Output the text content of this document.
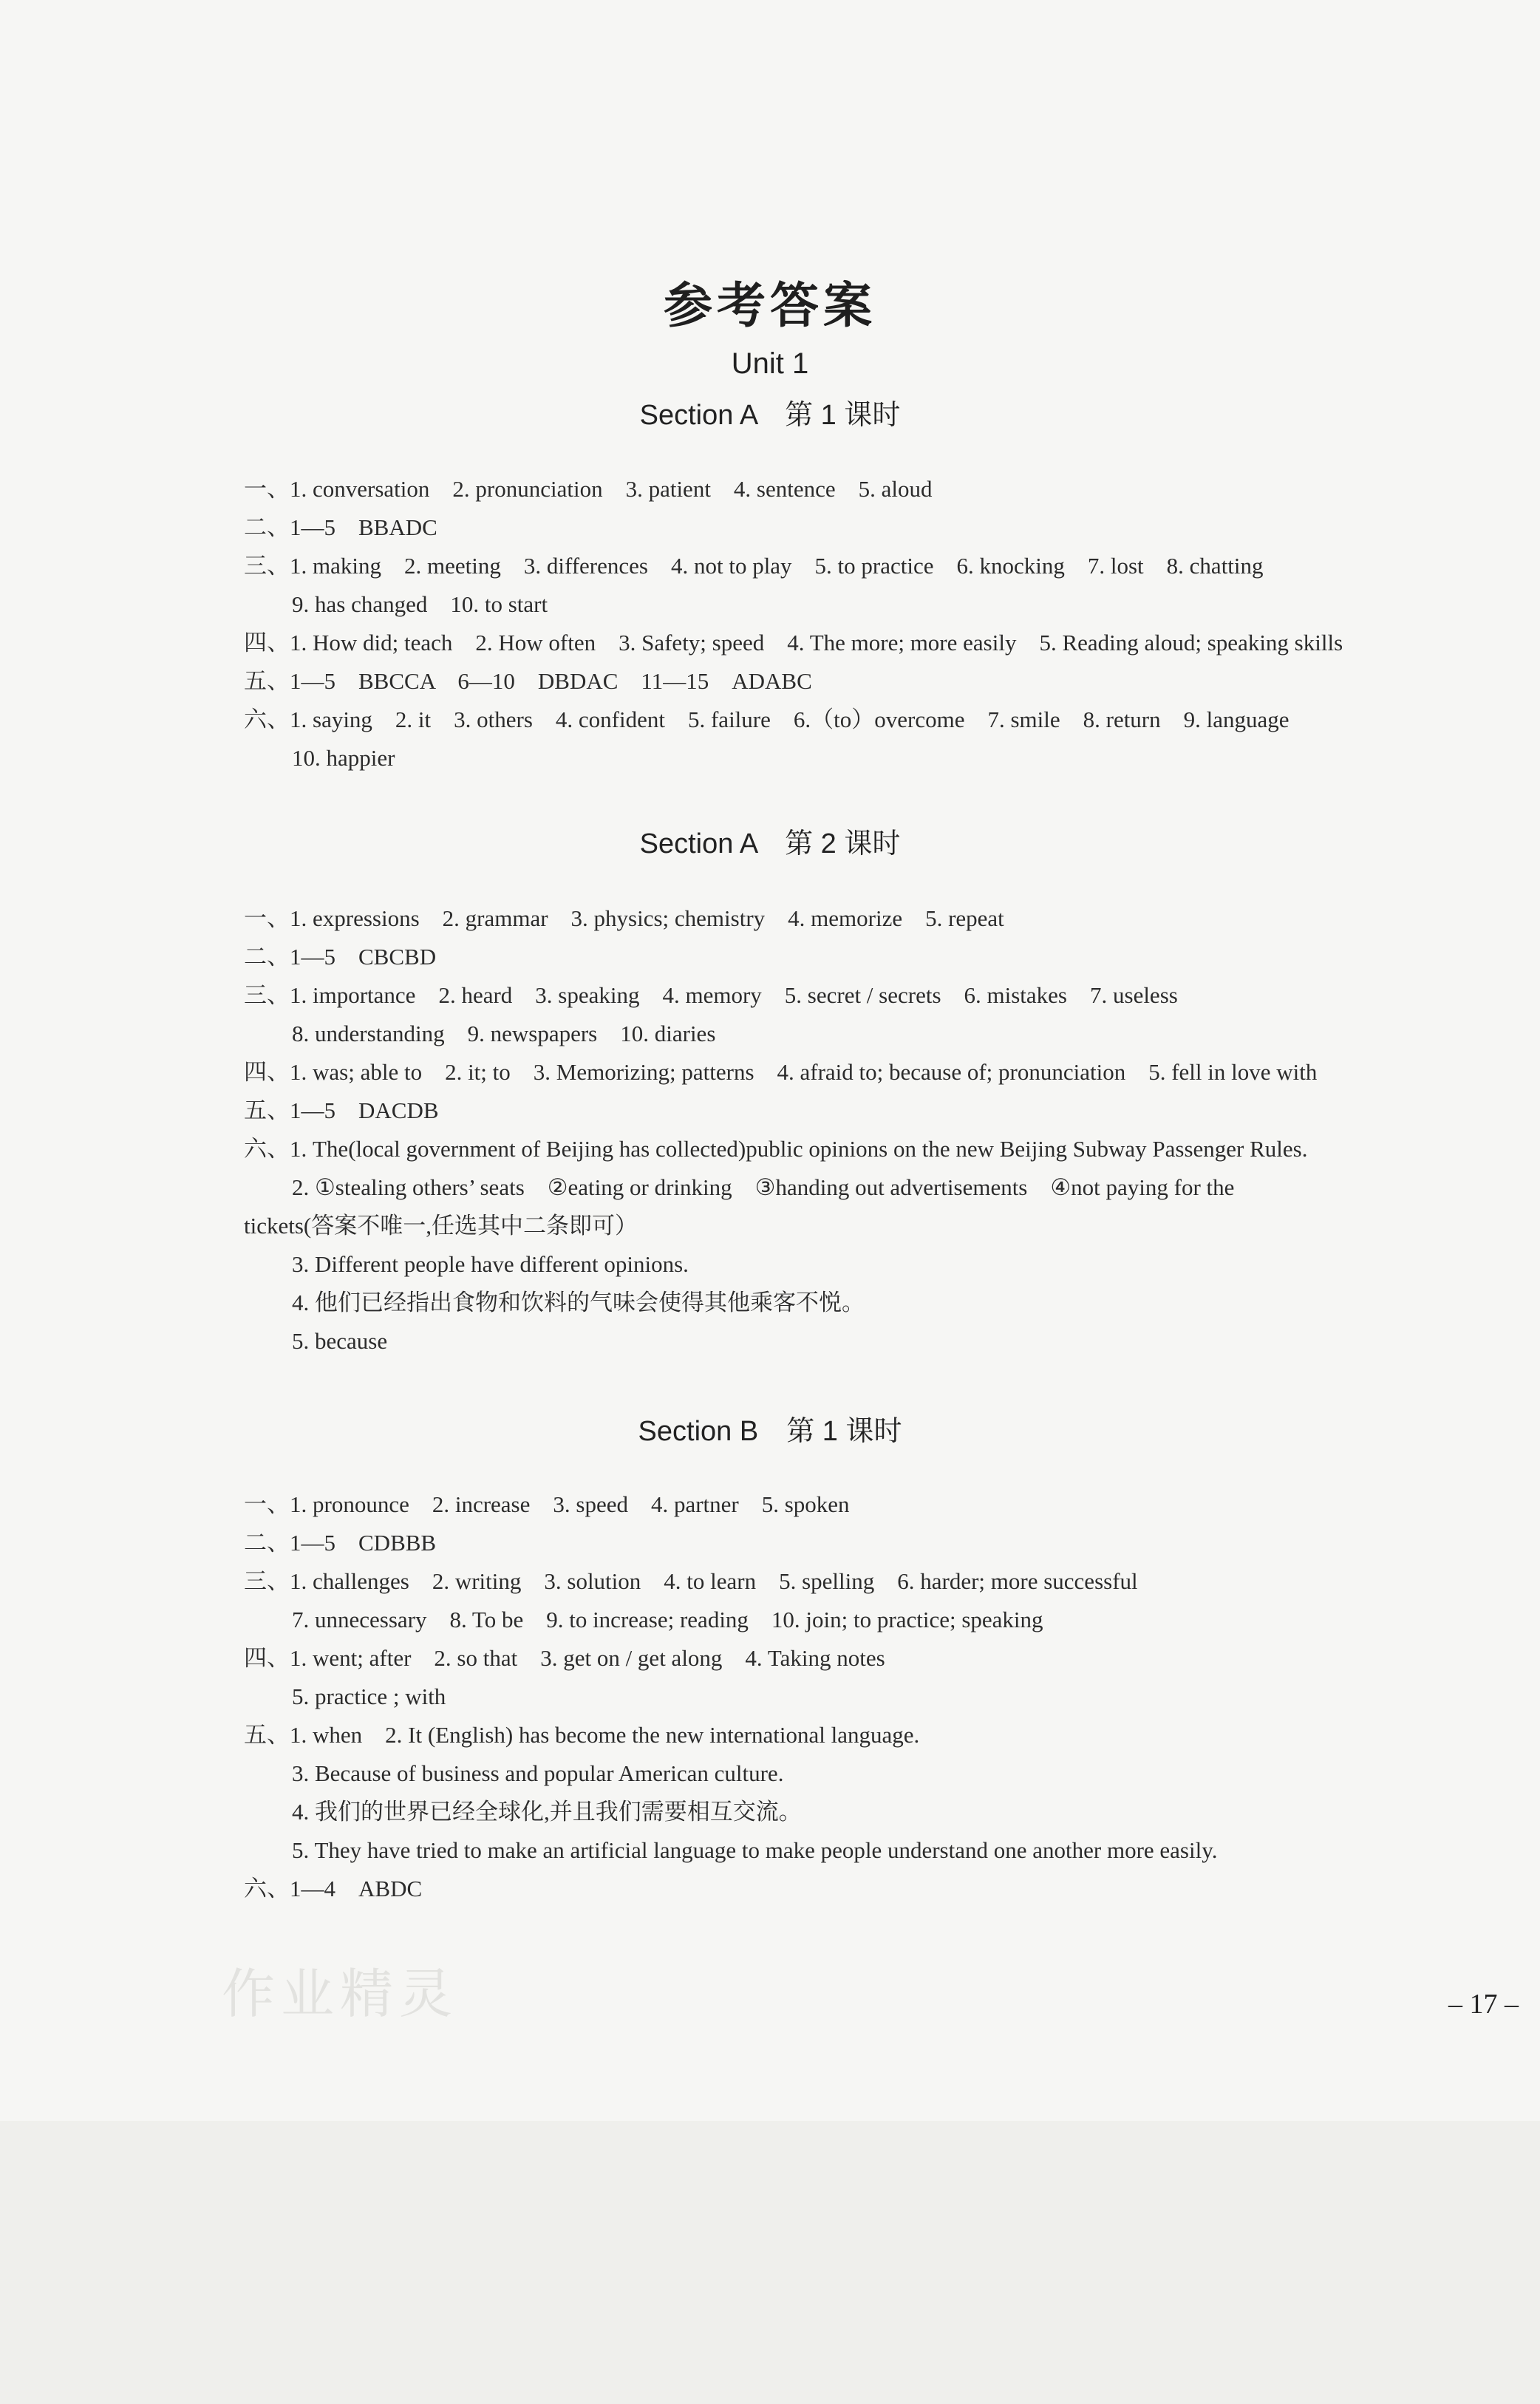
参考答案
Unit 1
Section A　第 1 课时
一、1. conversation　2. pronunciation　3. patient　4. sentence　5. aloud
二、1—5　BBADC
三、1. making　2. meeting　3. differences　4. not to play　5. to practice　6. knocking　7. lost　8. chatting
9. has changed　10. to start
四、1. How did; teach　2. How often　3. Safety; speed　4. The more; more easily　5. Reading aloud; speaking skills
五、1—5　BBCCA　6—10　DBDAC　11—15　ADABC
六、1. saying　2. it　3. others　4. confident　5. failure　6.（to）overcome　7. smile　8. return　9. language
10. happier
Section A　第 2 课时
一、1. expressions　2. grammar　3. physics; chemistry　4. memorize　5. repeat
二、1—5　CBCBD
三、1. importance　2. heard　3. speaking　4. memory　5. secret / secrets　6. mistakes　7. useless
8. understanding　9. newspapers　10. diaries
四、1. was; able to　2. it; to　3. Memorizing; patterns　4. afraid to; because of; pronunciation　5. fell in love with
五、1—5　DACDB
六、1. The(local government of Beijing has collected)public opinions on the new Beijing Subway Passenger Rules.
2. ①stealing others’ seats　②eating or drinking　③handing out advertisements　④not paying for the
tickets(答案不唯一,任选其中二条即可）
3. Different people have different opinions.
4. 他们已经指出食物和饮料的气味会使得其他乘客不悦。
5. because
Section B　第 1 课时
一、1. pronounce　2. increase　3. speed　4. partner　5. spoken
二、1—5　CDBBB
三、1. challenges　2. writing　3. solution　4. to learn　5. spelling　6. harder; more successful
7. unnecessary　8. To be　9. to increase; reading　10. join; to practice; speaking
四、1. went; after　2. so that　3. get on / get along　4. Taking notes
5. practice ; with
五、1. when　2. It (English) has become the new international language.
3. Because of business and popular American culture.
4. 我们的世界已经全球化,并且我们需要相互交流。
5. They have tried to make an artificial language to make people understand one another more easily.
六、1—4　ABDC
– 17 –
作业精灵
